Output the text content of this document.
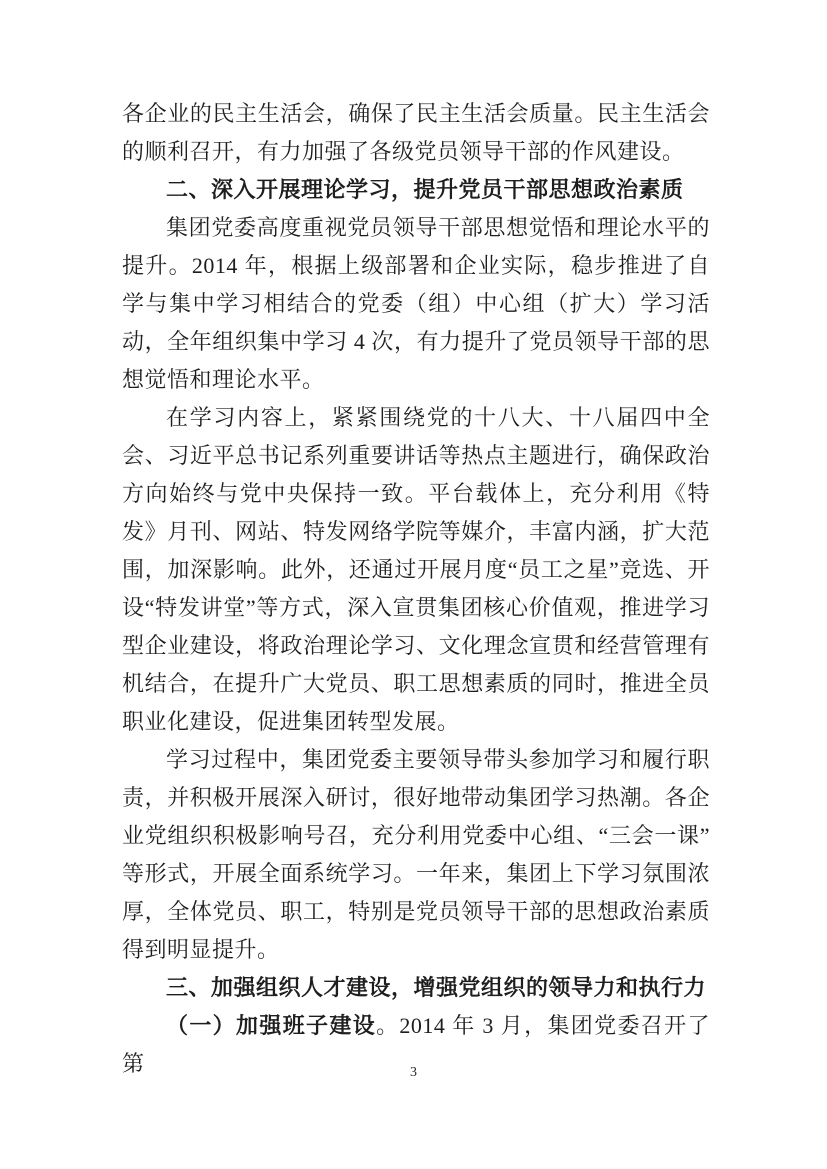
各企业的民主生活会，确保了民主生活会质量。民主生活会的顺利召开，有力加强了各级党员领导干部的作风建设。

二、深入开展理论学习，提升党员干部思想政治素质

集团党委高度重视党员领导干部思想觉悟和理论水平的提升。2014 年，根据上级部署和企业实际，稳步推进了自学与集中学习相结合的党委（组）中心组（扩大）学习活动，全年组织集中学习 4 次，有力提升了党员领导干部的思想觉悟和理论水平。

在学习内容上，紧紧围绕党的十八大、十八届四中全会、习近平总书记系列重要讲话等热点主题进行，确保政治方向始终与党中央保持一致。平台载体上，充分利用《特发》月刊、网站、特发网络学院等媒介，丰富内涵，扩大范围，加深影响。此外，还通过开展月度“员工之星”竞选、开设“特发讲堂”等方式，深入宣贯集团核心价值观，推进学习型企业建设，将政治理论学习、文化理念宣贯和经营管理有机结合，在提升广大党员、职工思想素质的同时，推进全员职业化建设，促进集团转型发展。

学习过程中，集团党委主要领导带头参加学习和履行职责，并积极开展深入研讨，很好地带动集团学习热潮。各企业党组织积极影响号召，充分利用党委中心组、“三会一课”等形式，开展全面系统学习。一年来，集团上下学习氛围浓厚，全体党员、职工，特别是党员领导干部的思想政治素质得到明显提升。

三、加强组织人才建设，增强党组织的领导力和执行力

（一）加强班子建设。2014 年 3 月，集团党委召开了第	3
